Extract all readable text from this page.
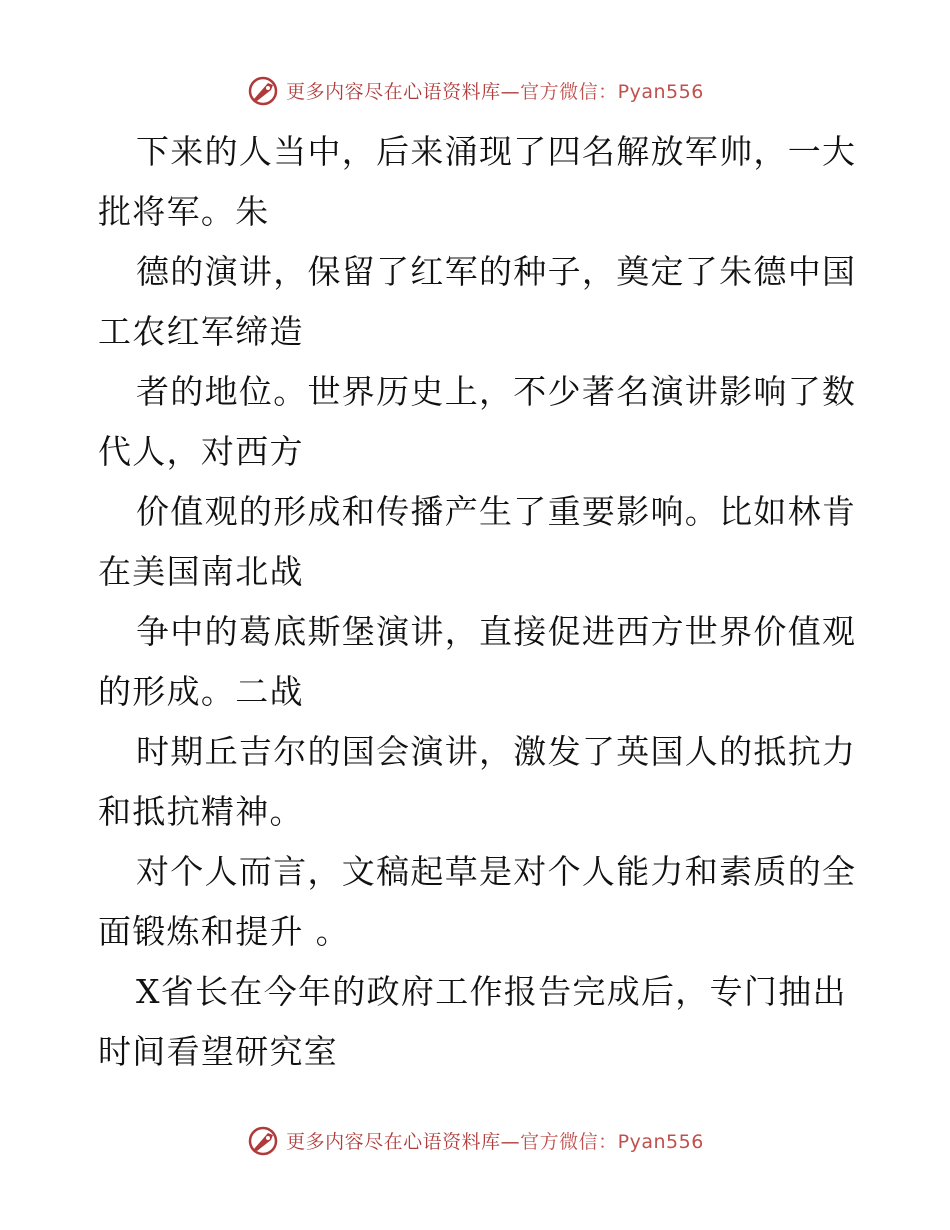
更多内容尽在心语资料库—官方微信：Pyan556
下来的人当中，后来涌现了四名解放军帅，一大
批将军。朱
德的演讲，保留了红军的种子，奠定了朱德中国
工农红军缔造
者的地位。世界历史上，不少著名演讲影响了数
代人，对西方
价值观的形成和传播产生了重要影响。比如林肯
在美国南北战
争中的葛底斯堡演讲，直接促进西方世界价值观
的形成。二战
时期丘吉尔的国会演讲，激发了英国人的抵抗力
和抵抗精神。
对个人而言，文稿起草是对个人能力和素质的全
面锻炼和提升 。
X省长在今年的政府工作报告完成后，专门抽出
时间看望研究室
更多内容尽在心语资料库—官方微信：Pyan556
